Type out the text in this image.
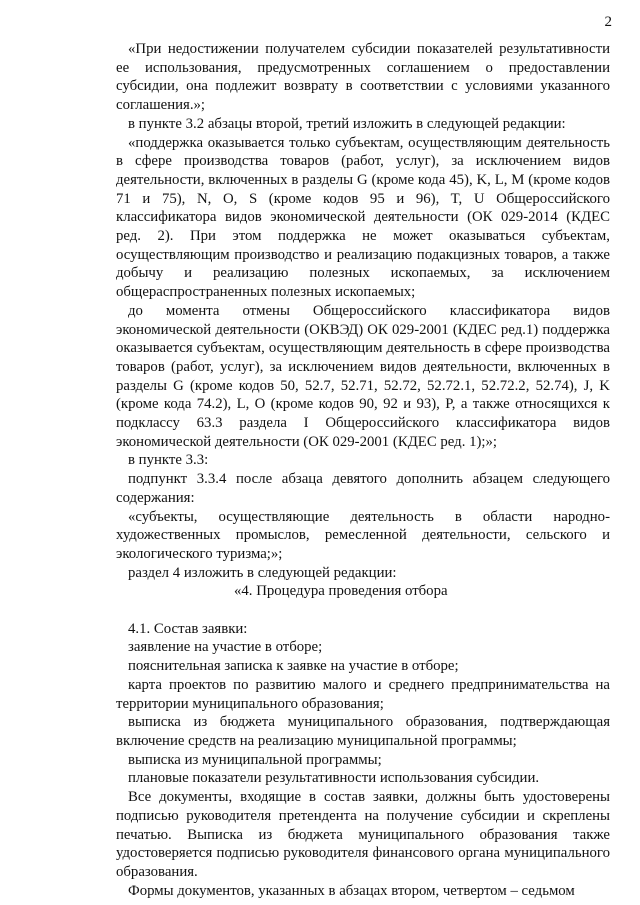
2

«При недостижении получателем субсидии показателей результативности ее использования, предусмотренных соглашением о предоставлении субсидии, она подлежит возврату в соответствии с условиями указанного соглашения.»;

в пункте 3.2 абзацы второй, третий изложить в следующей редакции:

«поддержка оказывается только субъектам, осуществляющим деятельность в сфере производства товаров (работ, услуг), за исключением видов деятельности, включенных в разделы G (кроме кода 45), K, L, M (кроме кодов 71 и 75), N, O, S (кроме кодов 95 и 96), T, U Общероссийского классификатора видов экономической деятельности (ОК 029-2014 (КДЕС ред. 2). При этом поддержка не может оказываться субъектам, осуществляющим производство и реализацию подакцизных товаров, а также добычу и реализацию полезных ископаемых, за исключением общераспространенных полезных ископаемых;

до момента отмены Общероссийского классификатора видов экономической деятельности (ОКВЭД) ОК 029-2001 (КДЕС ред.1) поддержка оказывается субъектам, осуществляющим деятельность в сфере производства товаров (работ, услуг), за исключением видов деятельности, включенных в разделы G (кроме кодов 50, 52.7, 52.71, 52.72, 52.72.1, 52.72.2, 52.74), J, K (кроме кода 74.2), L, O (кроме кодов 90, 92 и 93), P, а также относящихся к подклассу 63.3 раздела I Общероссийского классификатора видов экономической деятельности (ОК 029-2001 (КДЕС ред. 1);»;

в пункте 3.3:

подпункт 3.3.4 после абзаца девятого дополнить абзацем следующего содержания:

«субъекты, осуществляющие деятельность в области народно-художественных промыслов, ремесленной деятельности, сельского и экологического туризма;»;

раздел 4 изложить в следующей редакции:

«4. Процедура проведения отбора

4.1. Состав заявки:

заявление на участие в отборе;

пояснительная записка к заявке на участие в отборе;

карта проектов по развитию малого и среднего предпринимательства на территории муниципального образования;

выписка из бюджета муниципального образования, подтверждающая включение средств на реализацию муниципальной программы;

выписка из муниципальной программы;

плановые показатели результативности использования субсидии.

Все документы, входящие в состав заявки, должны быть удостоверены подписью руководителя претендента на получение субсидии и скреплены печатью. Выписка из бюджета муниципального образования также удостоверяется подписью руководителя финансового органа муниципального образования.

Формы документов, указанных в абзацах втором, четвертом – седьмом
